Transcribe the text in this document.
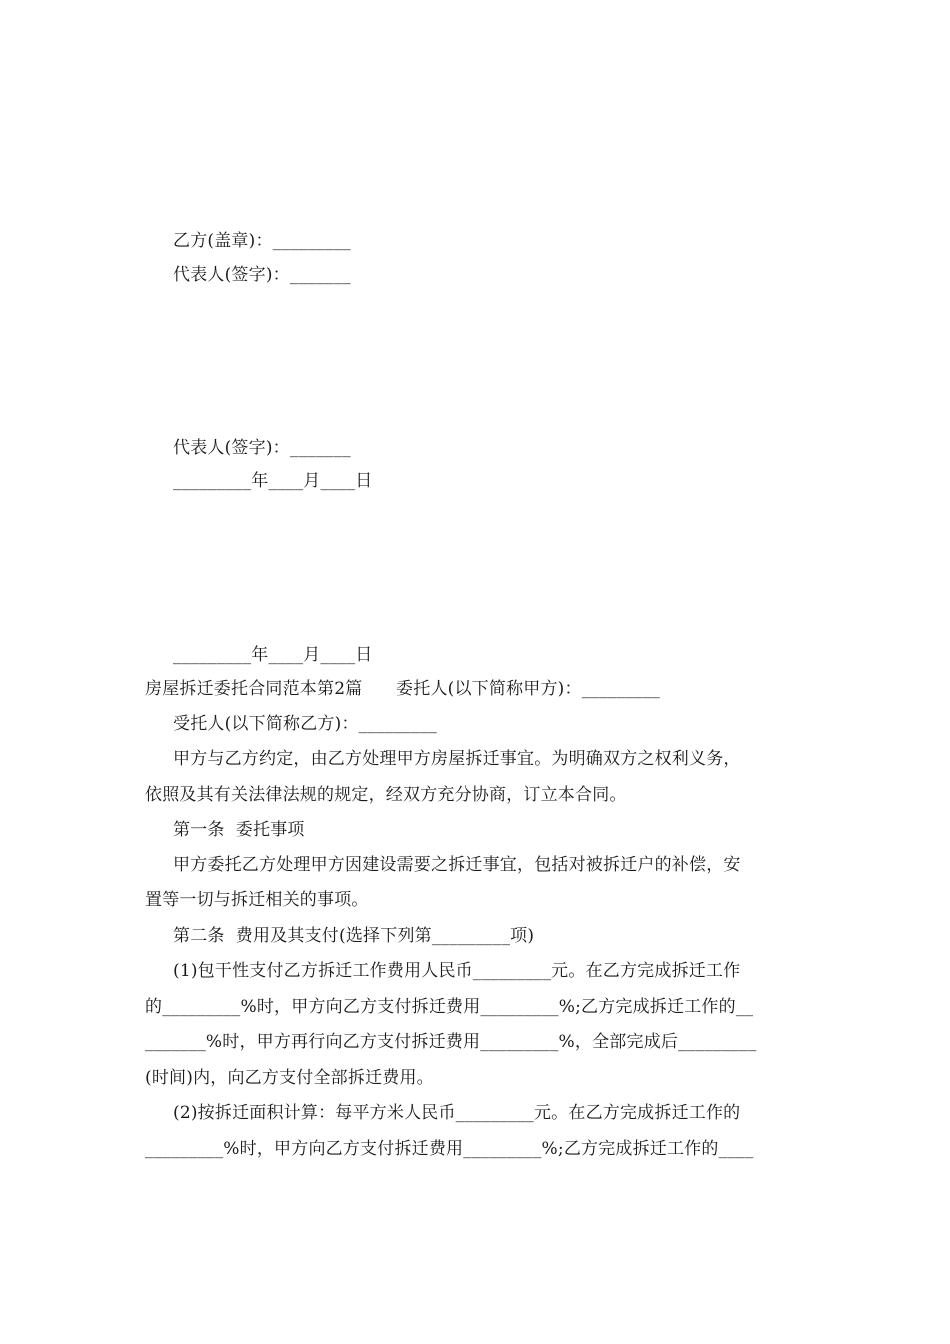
乙方(盖章)：_________
代表人(签字)：_______
代表人(签字)：_______
_________年____月____日
_________年____月____日
房屋拆迁委托合同范本第2篇      委托人(以下简称甲方)：_________
受托人(以下简称乙方)：_________
甲方与乙方约定，由乙方处理甲方房屋拆迁事宜。为明确双方之权利义务，
依照及其有关法律法规的规定，经双方充分协商，订立本合同。
第一条  委托事项
甲方委托乙方处理甲方因建设需要之拆迁事宜，包括对被拆迁户的补偿，安
置等一切与拆迁相关的事项。
第二条  费用及其支付(选择下列第_________项)
(1)包干性支付乙方拆迁工作费用人民币_________元。在乙方完成拆迁工作
的_________%时，甲方向乙方支付拆迁费用_________%;乙方完成拆迁工作的__
_______%时，甲方再行向乙方支付拆迁费用_________%，全部完成后_________
(时间)内，向乙方支付全部拆迁费用。
(2)按拆迁面积计算：每平方米人民币_________元。在乙方完成拆迁工作的
_________%时，甲方向乙方支付拆迁费用_________%;乙方完成拆迁工作的____
